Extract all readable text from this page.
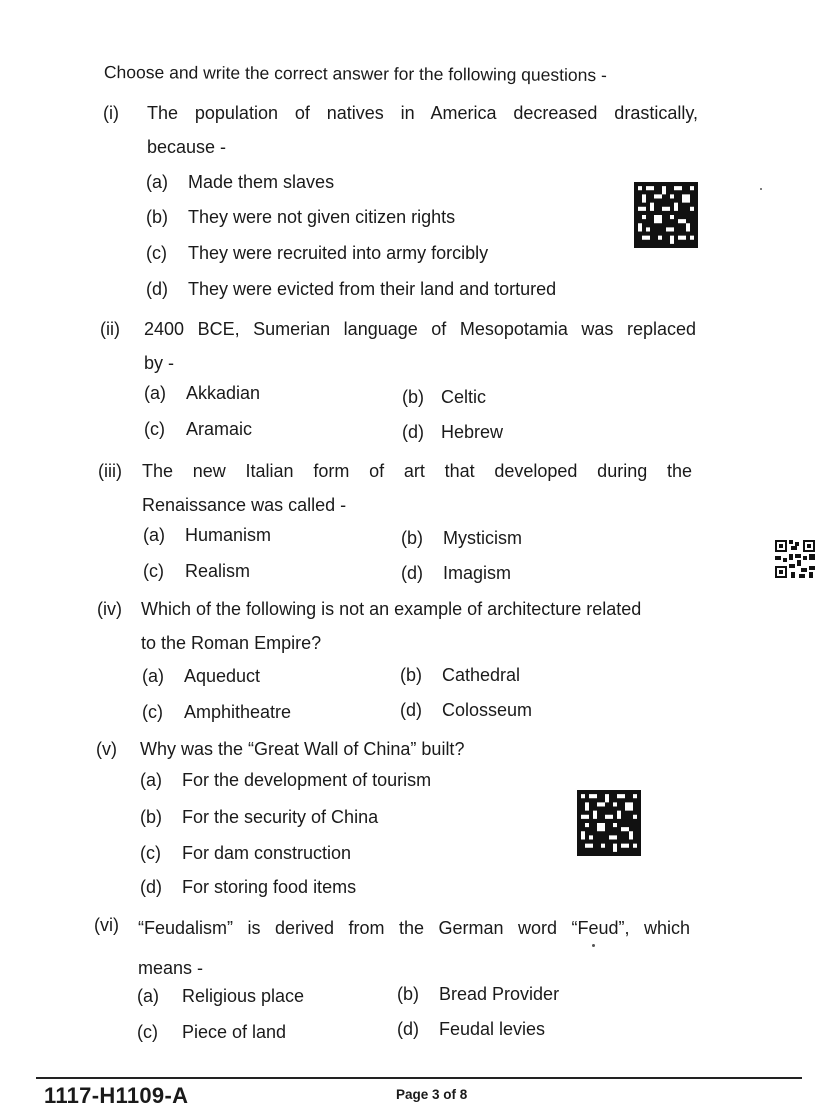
Choose and write the correct answer for the following questions -
(i) The population of natives in America decreased drastically,
because -
(a) Made them slaves
(b) They were not given citizen rights
(c) They were recruited into army forcibly
(d) They were evicted from their land and tortured
(ii) 2400 BCE, Sumerian language of Mesopotamia was replaced
by -
(a) Akkadian	(b) Celtic
(c) Aramaic	(d) Hebrew
(iii) The new Italian form of art that developed during the
Renaissance was called -
(a) Humanism	(b) Mysticism
(c) Realism	(d) Imagism
(iv) Which of the following is not an example of architecture related
to the Roman Empire?
(a) Aqueduct	(b) Cathedral
(c) Amphitheatre	(d) Colosseum
(v) Why was the “Great Wall of China” built?
(a) For the development of tourism
(b) For the security of China
(c) For dam construction
(d) For storing food items
(vi) “Feudalism” is derived from the German word “Feud”, which
means -
(a) Religious place	(b) Bread Provider
(c) Piece of land	(d) Feudal levies
1117-H1109-A	Page 3 of 8
